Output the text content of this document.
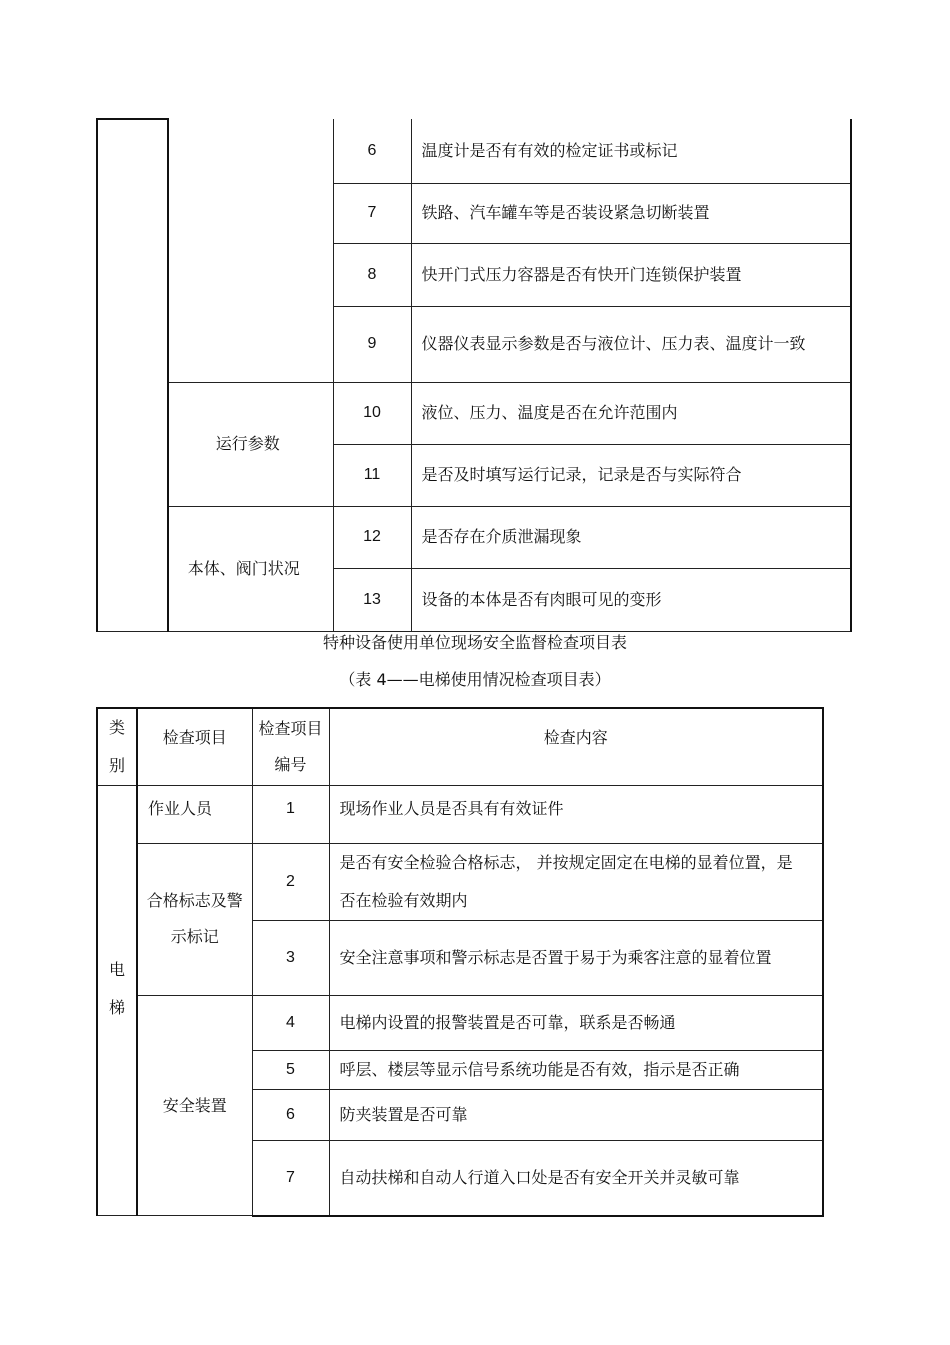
		6	温度计是否有有效的检定证书或标记
		7	铁路、汽车罐车等是否装设紧急切断装置
		8	快开门式压力容器是否有快开门连锁保护装置
		9	仪器仪表显示参数是否与液位计、压力表、温度计一致
	运行参数	10	液位、压力、温度是否在允许范围内
		11	是否及时填写运行记录，记录是否与实际符合
	本体、阀门状况	12	是否存在介质泄漏现象
		13	设备的本体是否有肉眼可见的变形
特种设备使用单位现场安全监督检查项目表
（表 4——电梯使用情况检查项目表）
类别	检查项目	检查项目编号	检查内容
电梯	作业人员	1	现场作业人员是否具有有效证件
	合格标志及警示标记	2	是否有安全检验合格标志， 并按规定固定在电梯的显着位置，是否在检验有效期内
		3	安全注意事项和警示标志是否置于易于为乘客注意的显着位置
	安全装置	4	电梯内设置的报警装置是否可靠，联系是否畅通
		5	呼层、楼层等显示信号系统功能是否有效，指示是否正确
		6	防夹装置是否可靠
		7	自动扶梯和自动人行道入口处是否有安全开关并灵敏可靠
